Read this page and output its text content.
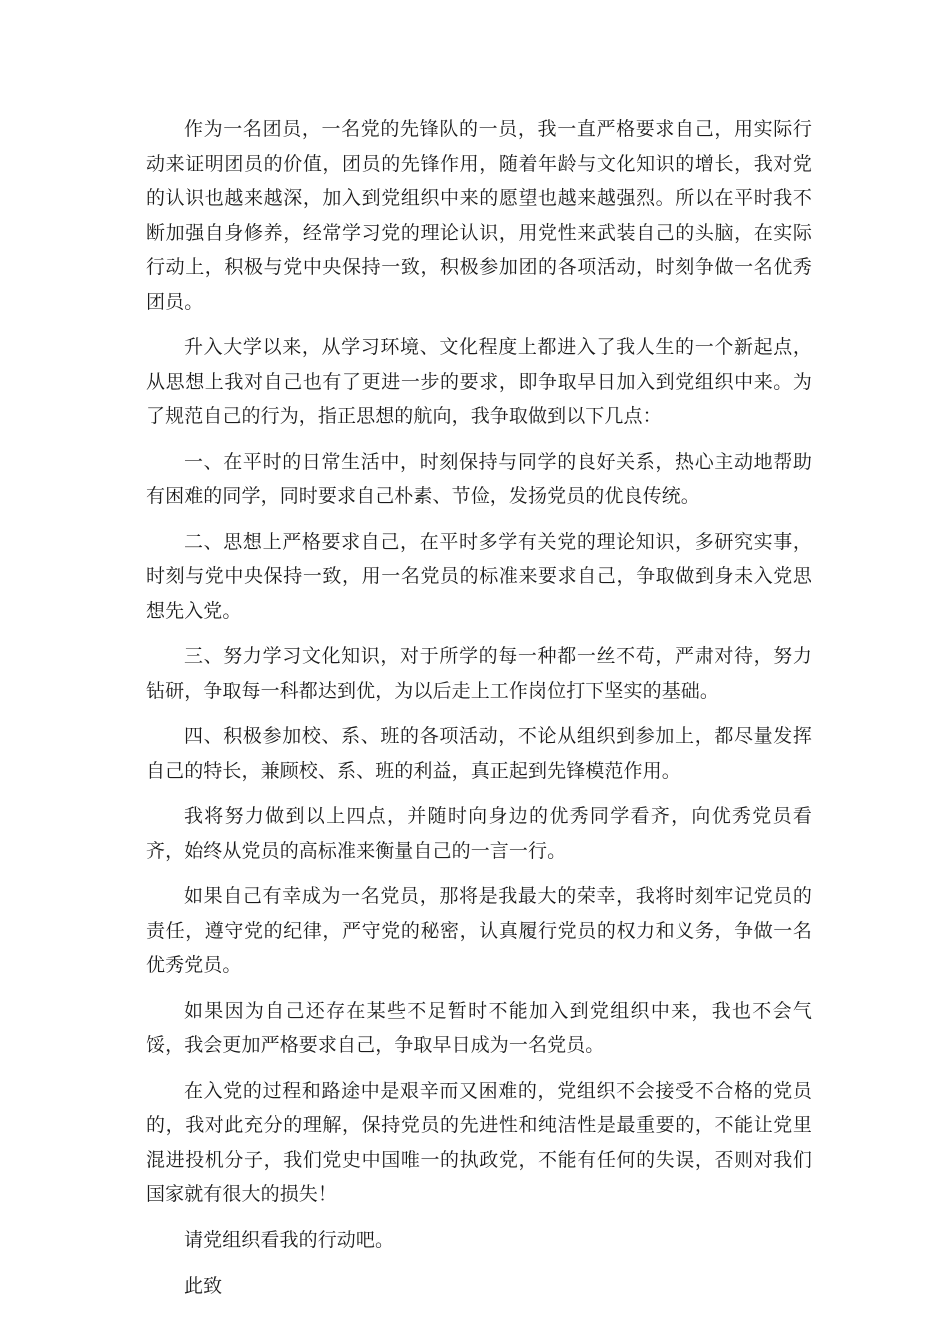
作为一名团员，一名党的先锋队的一员，我一直严格要求自己，用实际行动来证明团员的价值，团员的先锋作用，随着年龄与文化知识的增长，我对党的认识也越来越深，加入到党组织中来的愿望也越来越强烈。所以在平时我不断加强自身修养，经常学习党的理论认识，用党性来武装自己的头脑，在实际行动上，积极与党中央保持一致，积极参加团的各项活动，时刻争做一名优秀团员。

升入大学以来，从学习环境、文化程度上都进入了我人生的一个新起点，从思想上我对自己也有了更进一步的要求，即争取早日加入到党组织中来。为了规范自己的行为，指正思想的航向，我争取做到以下几点：

一、在平时的日常生活中，时刻保持与同学的良好关系，热心主动地帮助有困难的同学，同时要求自己朴素、节俭，发扬党员的优良传统。

二、思想上严格要求自己，在平时多学有关党的理论知识，多研究实事，时刻与党中央保持一致，用一名党员的标准来要求自己，争取做到身未入党思想先入党。

三、努力学习文化知识，对于所学的每一种都一丝不苟，严肃对待，努力钻研，争取每一科都达到优，为以后走上工作岗位打下坚实的基础。

四、积极参加校、系、班的各项活动，不论从组织到参加上，都尽量发挥自己的特长，兼顾校、系、班的利益，真正起到先锋模范作用。

我将努力做到以上四点，并随时向身边的优秀同学看齐，向优秀党员看齐，始终从党员的高标准来衡量自己的一言一行。

如果自己有幸成为一名党员，那将是我最大的荣幸，我将时刻牢记党员的责任，遵守党的纪律，严守党的秘密，认真履行党员的权力和义务，争做一名优秀党员。

如果因为自己还存在某些不足暂时不能加入到党组织中来，我也不会气馁，我会更加严格要求自己，争取早日成为一名党员。

在入党的过程和路途中是艰辛而又困难的，党组织不会接受不合格的党员的，我对此充分的理解，保持党员的先进性和纯洁性是最重要的，不能让党里混进投机分子，我们党史中国唯一的执政党，不能有任何的失误，否则对我们国家就有很大的损失！

请党组织看我的行动吧。

此致
